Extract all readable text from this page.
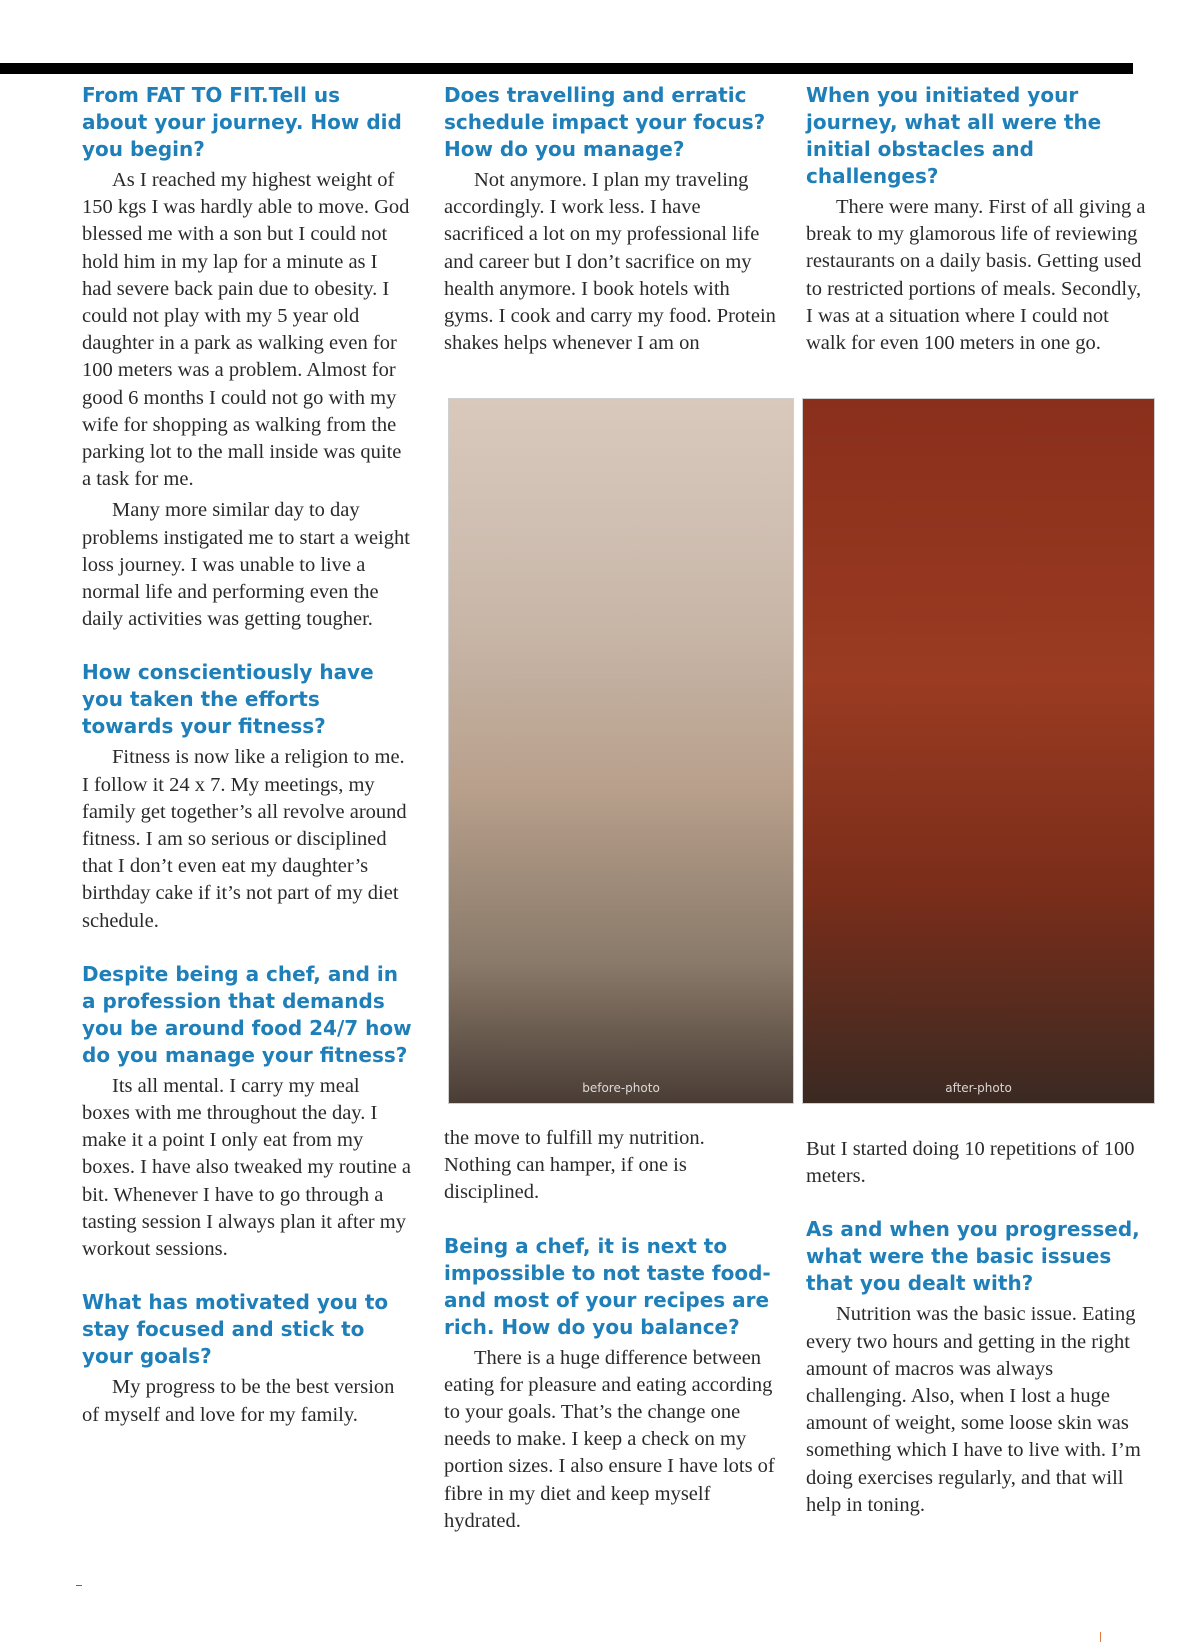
From FAT TO FIT.Tell us about your journey. How did you begin?

As I reached my highest weight of 150 kgs I was hardly able to move. God blessed me with a son but I could not hold him in my lap for a minute as I had severe back pain due to obesity. I could not play with my 5 year old daughter in a park as walking even for 100 meters was a problem. Almost for good 6 months I could not go with my wife for shopping as walking from the parking lot to the mall inside was quite a task for me.

Many more similar day to day problems instigated me to start a weight loss journey. I was unable to live a normal life and performing even the daily activities was getting tougher.

How conscientiously have you taken the efforts towards your fitness?

Fitness is now like a religion to me. I follow it 24 x 7. My meetings, my family get together’s all revolve around fitness. I am so serious or disciplined that I don’t even eat my daughter’s birthday cake if it’s not part of my diet schedule.

Despite being a chef, and in a profession that demands you be around food 24/7 how do you manage your fitness?

Its all mental. I carry my meal boxes with me throughout the day. I make it a point I only eat from my boxes. I have also tweaked my routine a bit. Whenever I have to go through a tasting session I always plan it after my workout sessions.

What has motivated you to stay focused and stick to your goals?

My progress to be the best version of myself and love for my family.

Does travelling and erratic schedule impact your focus? How do you manage?

Not anymore. I plan my traveling accordingly. I work less. I have sacrificed a lot on my professional life and career but I don’t sacrifice on my health anymore. I book hotels with gyms. I cook and carry my food. Protein shakes helps whenever I am on

When you initiated your journey, what all were the initial obstacles and challenges?

There were many. First of all giving a break to my glamorous life of reviewing restaurants on a daily basis. Getting used to restricted portions of meals. Secondly, I was at a situation where I could not walk for even 100 meters in one go.

before-photo	after-photo

the move to fulfill my nutrition. Nothing can hamper, if one is disciplined.

Being a chef, it is next to impossible to not taste food- and most of your recipes are rich. How do you balance?

There is a huge difference between eating for pleasure and eating according to your goals. That’s the change one needs to make. I keep a check on my portion sizes. I also ensure I have lots of fibre in my diet and keep myself hydrated.

But I started doing 10 repetitions of 100 meters.

As and when you progressed, what were the basic issues that you dealt with?

Nutrition was the basic issue. Eating every two hours and getting in the right amount of macros was always challenging. Also, when I lost a huge amount of weight, some loose skin was something which I have to live with. I’m doing exercises regularly, and that will help in toning.
